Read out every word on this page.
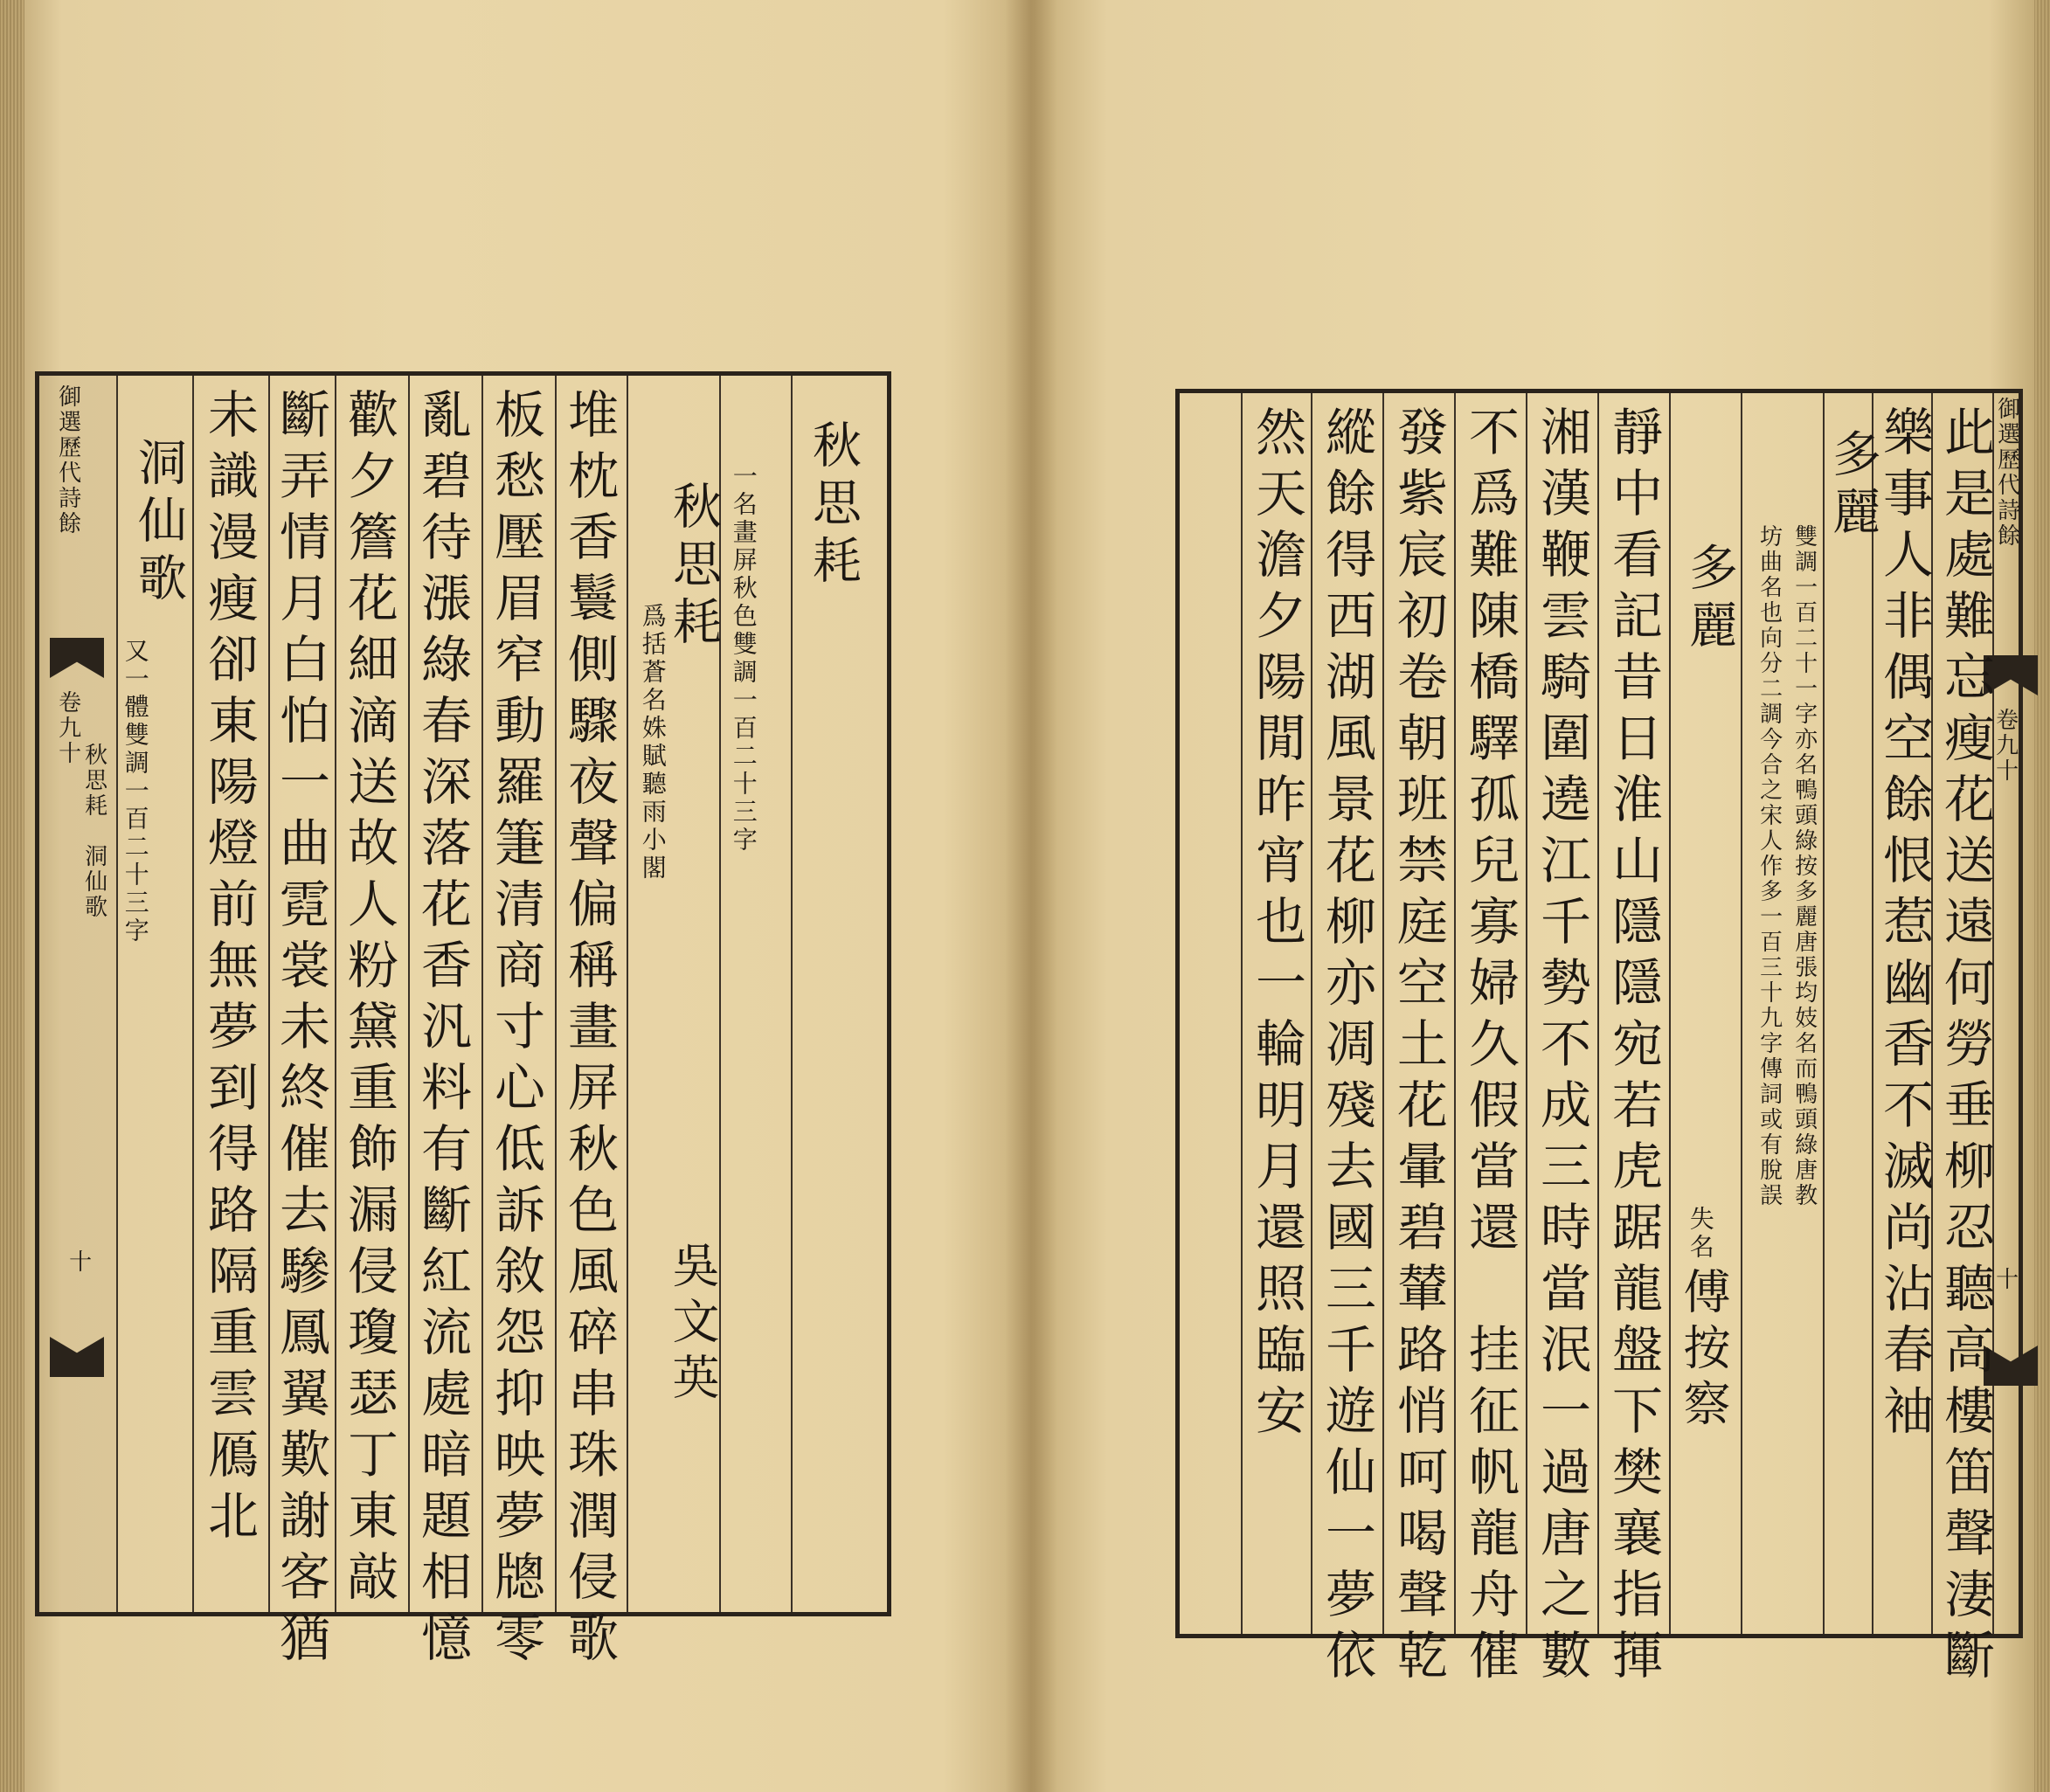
御選歷代詩餘
卷九十
秋思耗　洞仙歌
十
秋思耗
一名畫屏秋色雙調一百二十三字
秋思耗
爲括蒼名姝賦聽雨小閣
吳文英
堆枕香鬟側驟夜聲偏稱畫屏秋色風碎串珠潤侵歌
板愁壓眉窄動羅箑清商寸心低訴敘怨抑映夢牕零
亂碧待漲綠春深落花香汎料有斷紅流處暗題相憶
歡夕簷花細滴送故人粉黛重飾漏侵瓊瑟丁東敲
斷弄情月白怕一曲霓裳未終催去驂鳳翼歎謝客猶
未識漫瘦卻東陽燈前無夢到得路隔重雲鴈北
洞仙歌
又一體雙調一百二十三字
御選歷代詩餘
卷九十
十
此是處難忘瘦花送遠何勞垂柳忍聽高樓笛聲淒斷
樂事人非偶空餘恨惹幽香不滅尚沾春袖
多麗
雙調一百二十一字亦名鴨頭綠按多麗唐張均妓名而鴨頭綠唐教
坊曲名也向分二調今合之宋人作多一百三十九字傳詞或有脫誤
多麗
失名
傅按察
靜中看記昔日淮山隱隱宛若虎踞龍盤下樊襄指揮
湘漢鞭雲騎圍遶江千勢不成三時當泯一過唐之數
不爲難陳橋驛孤兒寡婦久假當還　挂征帆龍舟催
發紫宸初卷朝班禁庭空土花暈碧輦路悄呵喝聲乾
縱餘得西湖風景花柳亦凋殘去國三千遊仙一夢依
然天澹夕陽閒昨宵也一輪明月還照臨安
